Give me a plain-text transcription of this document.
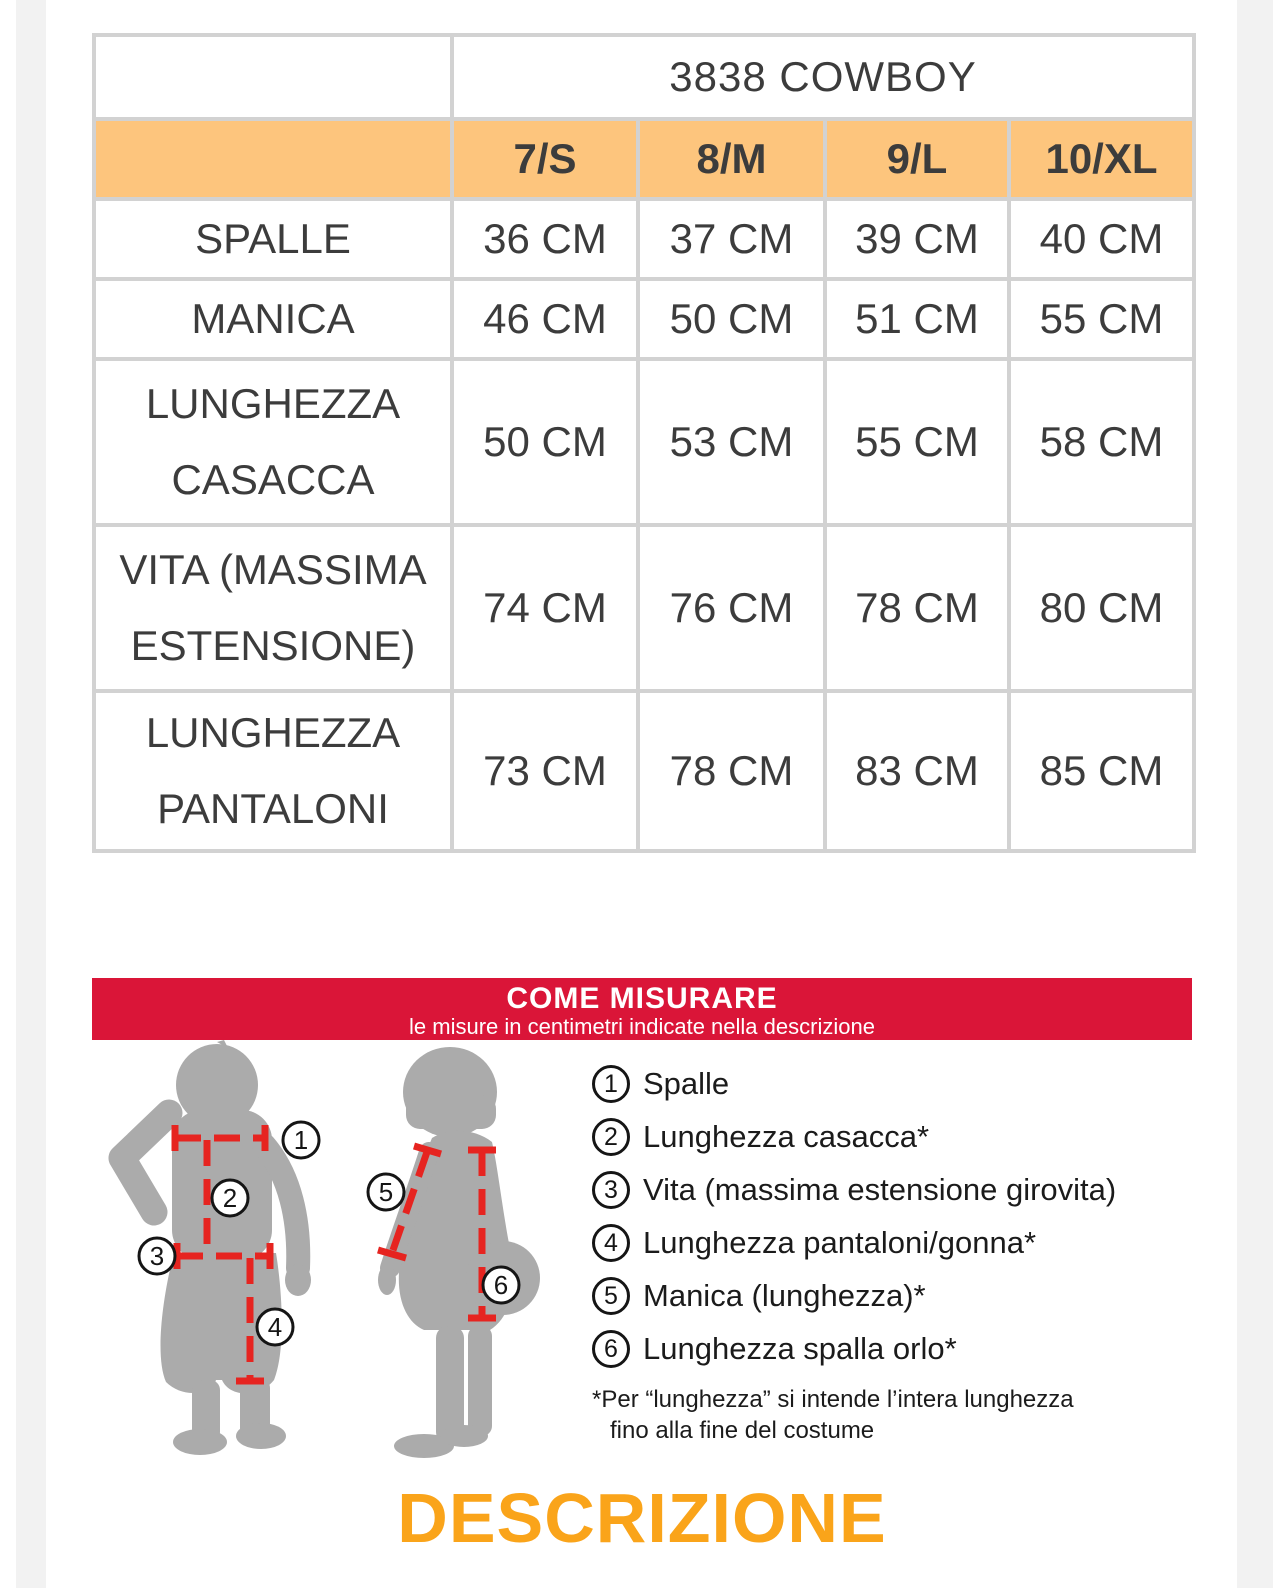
	3838 COWBOY			
	7/S	8/M	9/L	10/XL
SPALLE	36 CM	37 CM	39 CM	40 CM
MANICA	46 CM	50 CM	51 CM	55 CM
LUNGHEZZA CASACCA	50 CM	53 CM	55 CM	58 CM
VITA (MASSIMA ESTENSIONE)	74 CM	76 CM	78 CM	80 CM
LUNGHEZZA PANTALONI	73 CM	78 CM	83 CM	85 CM
COME MISURARE
le misure in centimetri indicate nella descrizione
1
2
3
4
5
6
1 Spalle
2 Lunghezza casacca*
3 Vita (massima estensione girovita)
4 Lunghezza pantaloni/gonna*
5 Manica (lunghezza)*
6 Lunghezza spalla orlo*
*Per “lunghezza” si intende l’intera lunghezza
fino alla fine del costume
DESCRIZIONE
